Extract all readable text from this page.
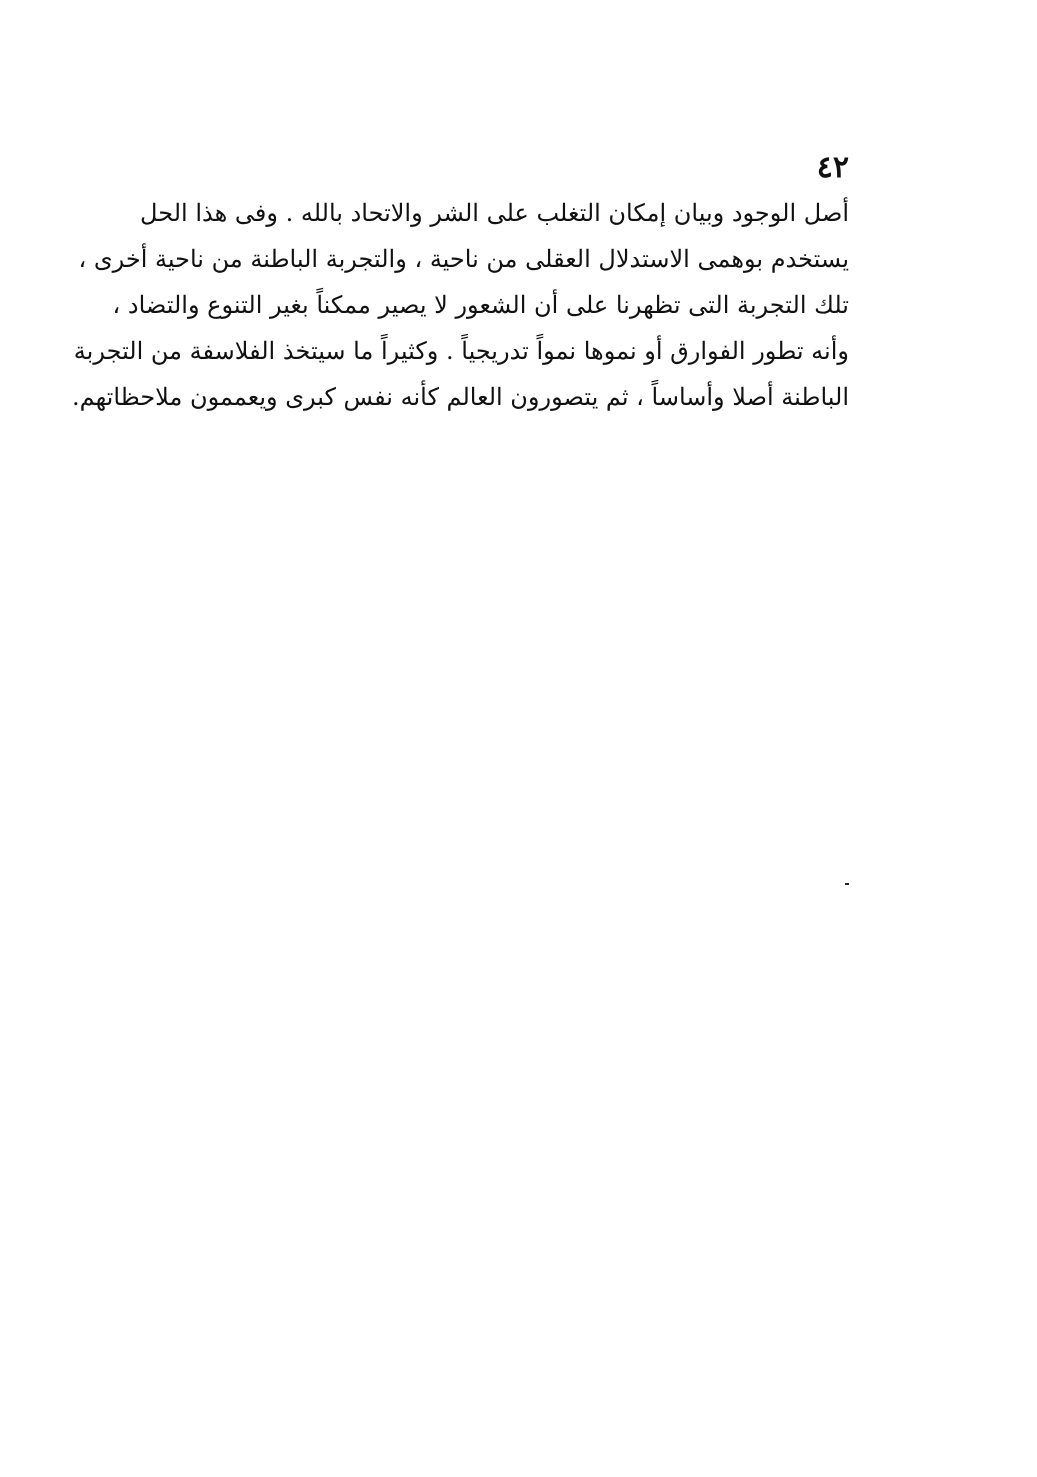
٤٢
أصل الوجود وبيان إمكان التغلب على الشر والاتحاد بالله . وفى هذا الحل
يستخدم بوهمى الاستدلال العقلى من ناحية ، والتجربة الباطنة من ناحية أخرى ،
تلك التجربة التى تظهرنا على أن الشعور لا يصير ممكناً بغير التنوع والتضاد ،
وأنه تطور الفوارق أو نموها نمواً تدريجياً . وكثيراً ما سيتخذ الفلاسفة من التجربة
الباطنة أصلا وأساساً ، ثم يتصورون العالم كأنه نفس كبرى ويعممون ملاحظاتهم.
